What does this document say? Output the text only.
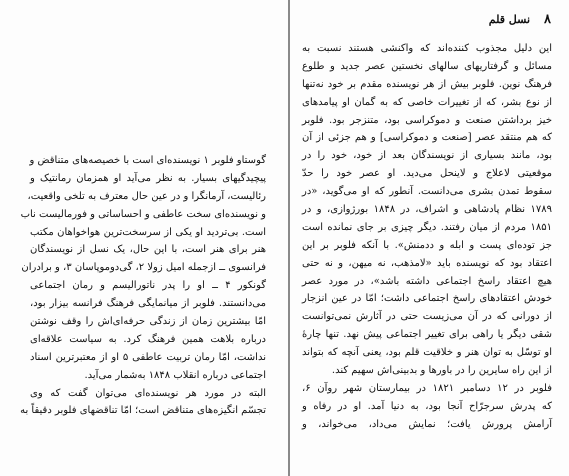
گوستاو فلوبر ۱ نویسنده‌ای است با خصیصه‌های متناقض و
پیچیدگیهای بسیار. به نظر می‌آید او همزمان رمانتیک و
رئالیست، آرمانگرا و در عین حال معترف به تلخی واقعیت،
و نویسنده‌ای سخت عاطفی و احساساتی و فورمالیست ناب
است. بی‌تردید او یکی از سرسخت‌ترین هواخواهان مکتب
هنر برای هنر است، با این حال، یک نسل از نویسندگان
فرانسوی ــ ازجمله امیل زولا ۲، گی‌دوموپاسان ۳، و برادران
گونکور ۴ ــ او را پدر ناتورالیسم و رمان اجتماعی
می‌دانستند. فلوبر از میانمایگی فرهنگ فرانسه بیزار بود،
امّا بیشترین زمان از زندگی حرفه‌ای‌اش را وقف نوشتن
درباره بلاهت همین فرهنگ کرد. به سیاست علاقه‌ای
نداشت، امّا رمان تربیت عاطفی ۵ او از معتبرترین اسناد
اجتماعی درباره انقلاب ۱۸۴۸ به‌شمار می‌آید.
البته در مورد هر نویسنده‌ای می‌توان گفت که وی
تجسّم انگیزه‌های متناقض است؛ امّا تناقضهای فلوبر دقیقاً به
۸
نسل قلم
این دلیل مجذوب کننده‌اند که واکنشی هستند نسبت به
مسائل و گرفتاریهای سالهای نخستین عصر جدید و طلوع
فرهنگ نوین. فلوبر بیش از هر نویسنده مقدم بر خود نه‌تنها
از نوع بشر، که از تغییرات خاصی که به گمان او پیامدهای
خیز برداشتن صنعت و دموکراسی بود، متنزجر بود. فلوبر
که هم منتقد عصر [صنعت و دموکراسی] و هم جزئی از آن
بود، مانند بسیاری از نویسندگان بعد از خود، خود را در
موقعیتی لاعلاج و لاینحل می‌دید. او عصر خود را حدّ
سقوط تمدن بشری می‌دانست. آنطور که او می‌گوید، «در
۱۷۸۹ نظام پادشاهی و اشراف، در ۱۸۴۸ بورژوازی، و در
۱۸۵۱ مردم از میان رفتند. دیگر چیزی بر جای نمانده است
جز توده‌ای پست و ابله و ددمنش». با آنکه فلوبر بر این
اعتقاد بود که نویسنده باید «لامذهب، نه میهن، و نه حتی
هیچ اعتقاد راسخ اجتماعی داشته باشد»، در مورد عصر
خودش اعتقادهای راسخ اجتماعی داشت؛ امّا در عین انزجار
از دورانی که در آن می‌زیست حتی در آثارش نمی‌توانست
شقی دیگر یا راهی برای تغییر اجتماعی پیش نهد. تنها چارهٔ
او توسّل به توان هنر و خلاقیت قلم بود، یعنی آنچه که بتواند
از این راه سایرین را در باورها و بدبینی‌اش سهیم کند.
فلوبر در ۱۲ دسامبر ۱۸۲۱ در بیمارستان شهر روآن ۶،
که پدرش سرجرّاح آنجا بود، به دنیا آمد. او در رفاه و
آرامش پرورش یافت؛ نمایش می‌داد، می‌خواند، و
